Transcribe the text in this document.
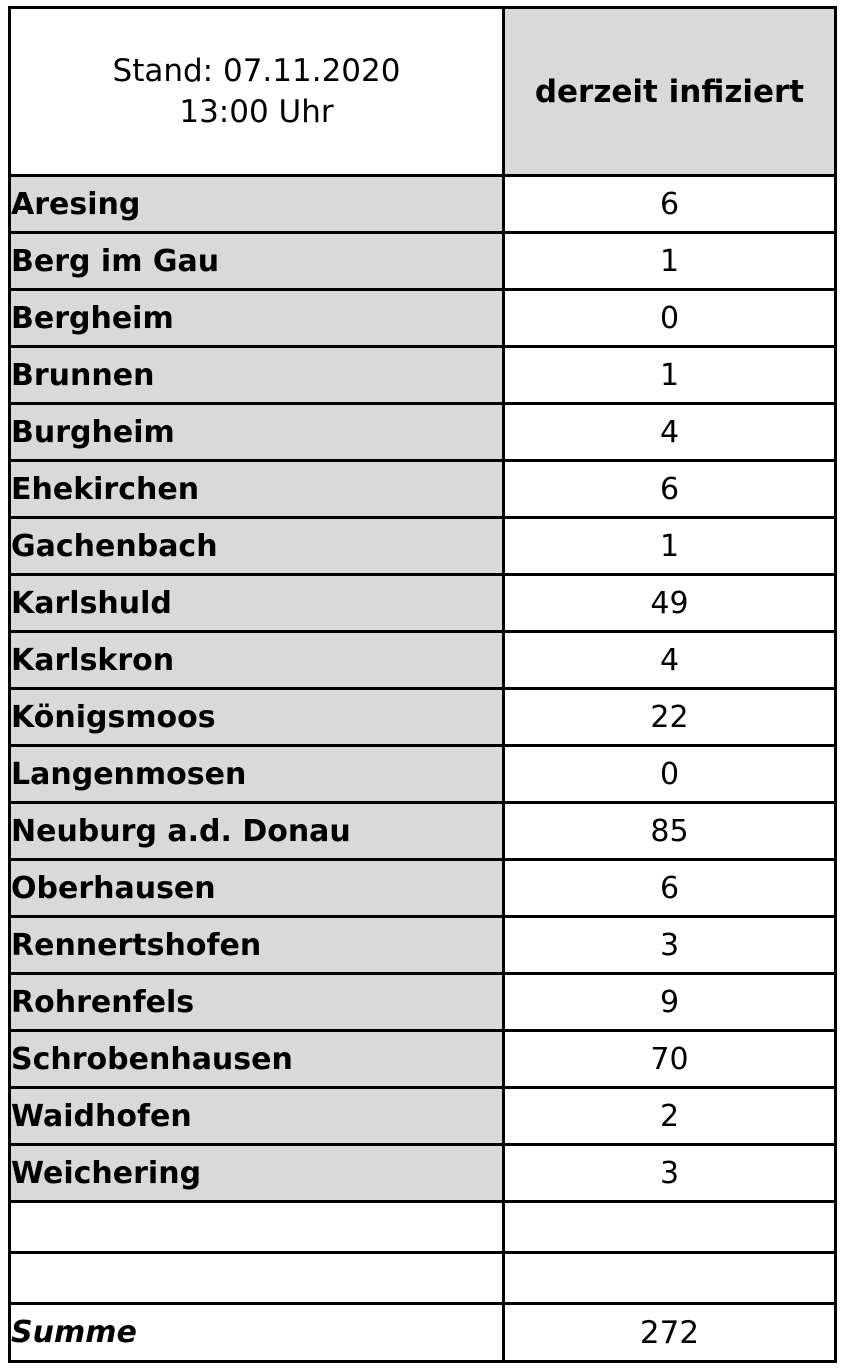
Stand: 07.11.2020
13:00 Uhr	derzeit infiziert
Aresing	6
Berg im Gau	1
Bergheim	0
Brunnen	1
Burgheim	4
Ehekirchen	6
Gachenbach	1
Karlshuld	49
Karlskron	4
Königsmoos	22
Langenmosen	0
Neuburg a.d. Donau	85
Oberhausen	6
Rennertshofen	3
Rohrenfels	9
Schrobenhausen	70
Waidhofen	2
Weichering	3

Summe	272
